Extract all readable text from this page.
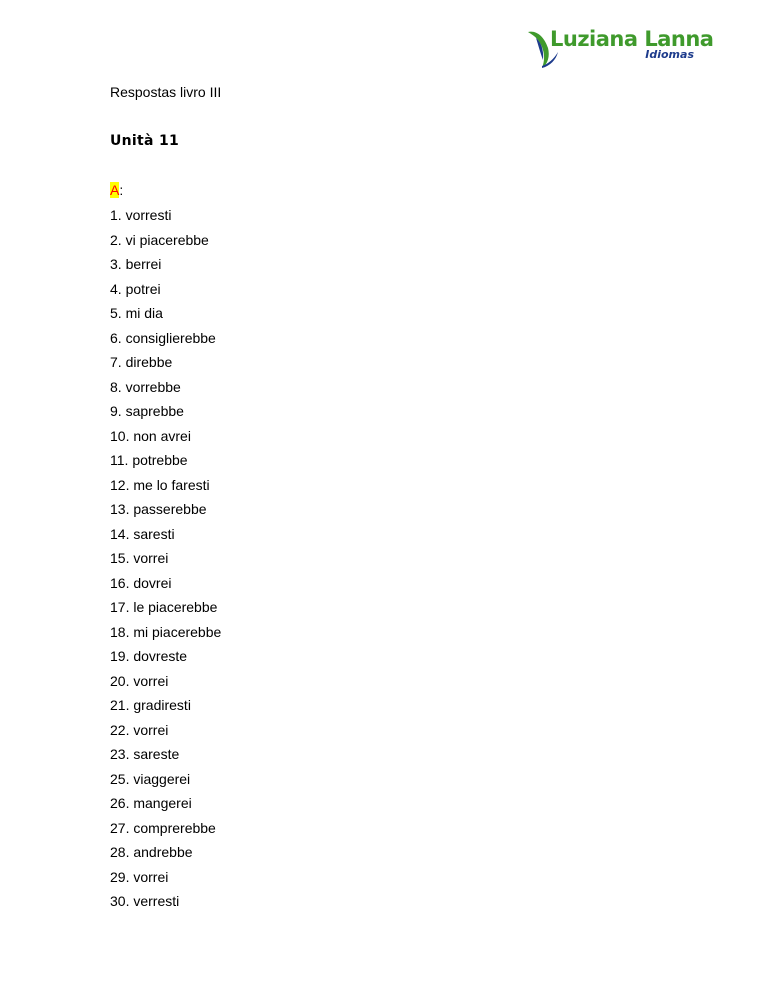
Luziana Lanna
Idiomas
Respostas livro III
Unità 11
A:
1. vorresti
2. vi piacerebbe
3. berrei
4. potrei
5. mi dia
6. consiglierebbe
7. direbbe
8. vorrebbe
9. saprebbe
10. non avrei
11. potrebbe
12. me lo faresti
13. passerebbe
14. saresti
15. vorrei
16. dovrei
17. le piacerebbe
18. mi piacerebbe
19. dovreste
20. vorrei
21. gradiresti
22. vorrei
23. sareste
25. viaggerei
26. mangerei
27. comprerebbe
28. andrebbe
29. vorrei
30. verresti
